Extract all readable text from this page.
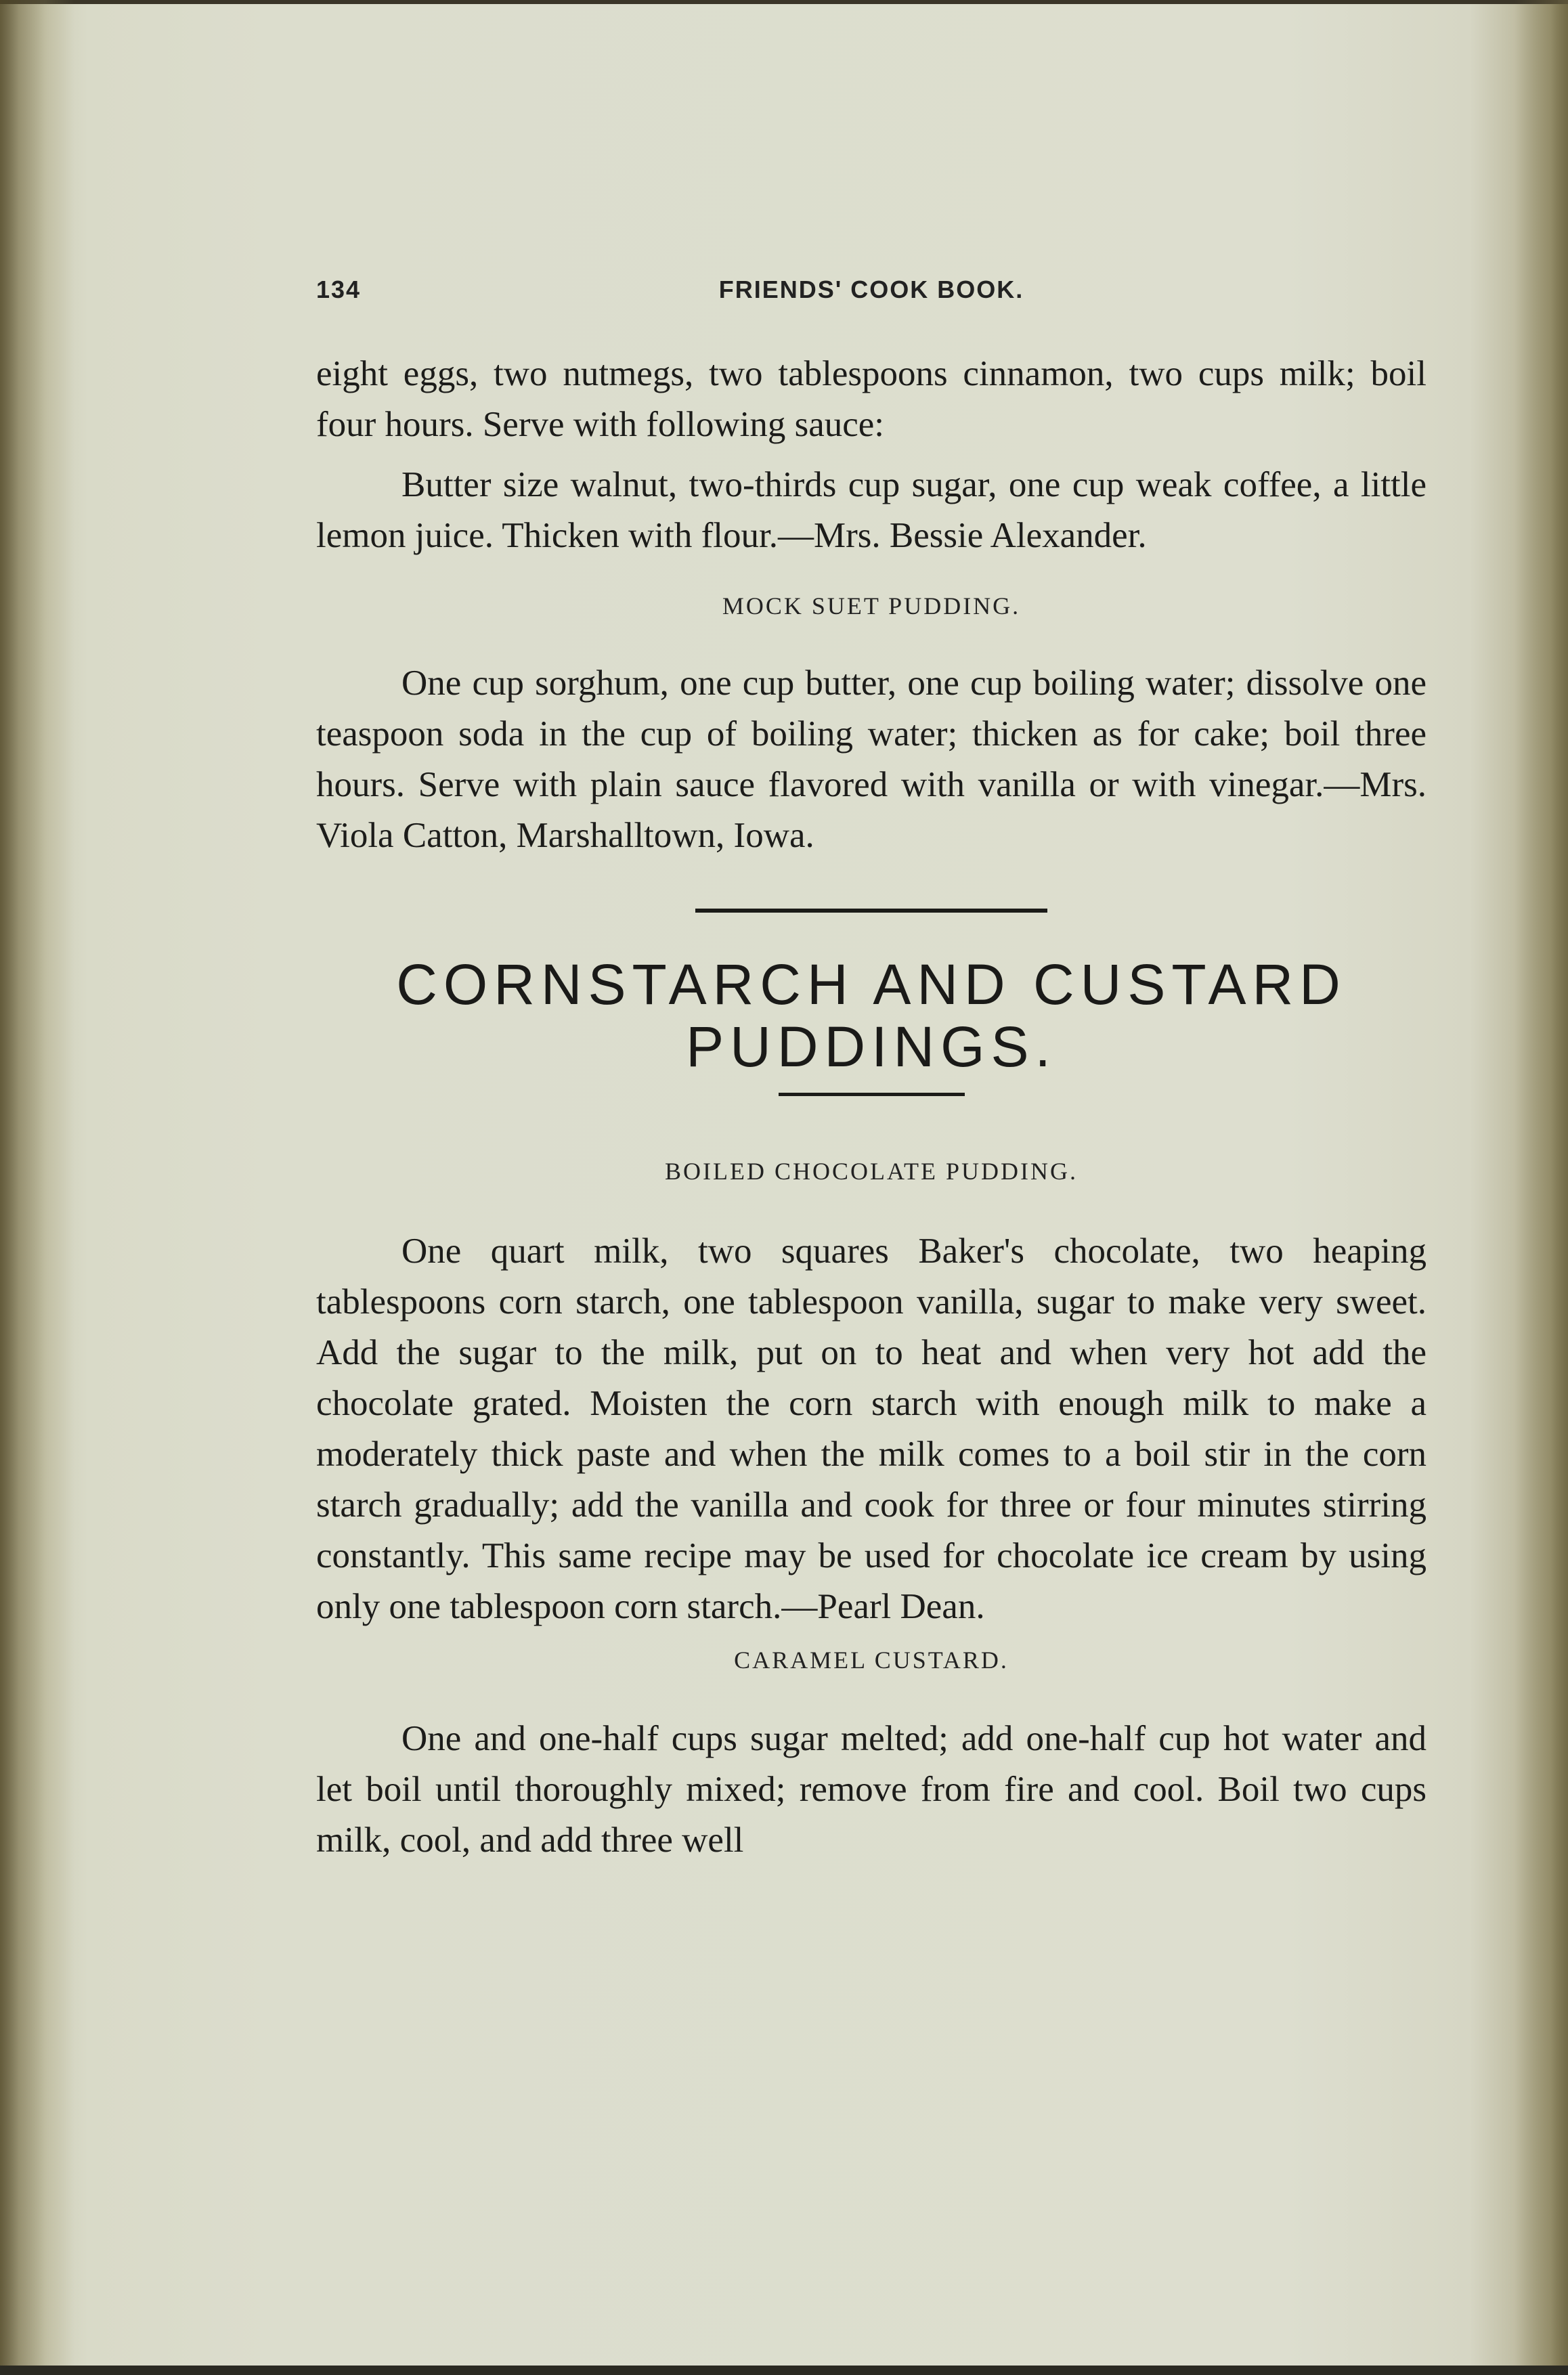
134	FRIENDS' COOK BOOK.

eight eggs, two nutmegs, two tablespoons cinnamon, two cups milk; boil four hours. Serve with following sauce:

Butter size walnut, two-thirds cup sugar, one cup weak coffee, a little lemon juice. Thicken with flour.—Mrs. Bessie Alexander.

MOCK SUET PUDDING.

One cup sorghum, one cup butter, one cup boiling water; dissolve one teaspoon soda in the cup of boiling water; thicken as for cake; boil three hours. Serve with plain sauce flavored with vanilla or with vinegar.—Mrs. Viola Catton, Marshalltown, Iowa.

CORNSTARCH AND CUSTARD
PUDDINGS.

BOILED CHOCOLATE PUDDING.

One quart milk, two squares Baker's chocolate, two heaping tablespoons corn starch, one tablespoon vanilla, sugar to make very sweet. Add the sugar to the milk, put on to heat and when very hot add the chocolate grated. Moisten the corn starch with enough milk to make a moderately thick paste and when the milk comes to a boil stir in the corn starch gradually; add the vanilla and cook for three or four minutes stirring constantly. This same recipe may be used for chocolate ice cream by using only one tablespoon corn starch.—Pearl Dean.

CARAMEL CUSTARD.

One and one-half cups sugar melted; add one-half cup hot water and let boil until thoroughly mixed; remove from fire and cool. Boil two cups milk, cool, and add three well
